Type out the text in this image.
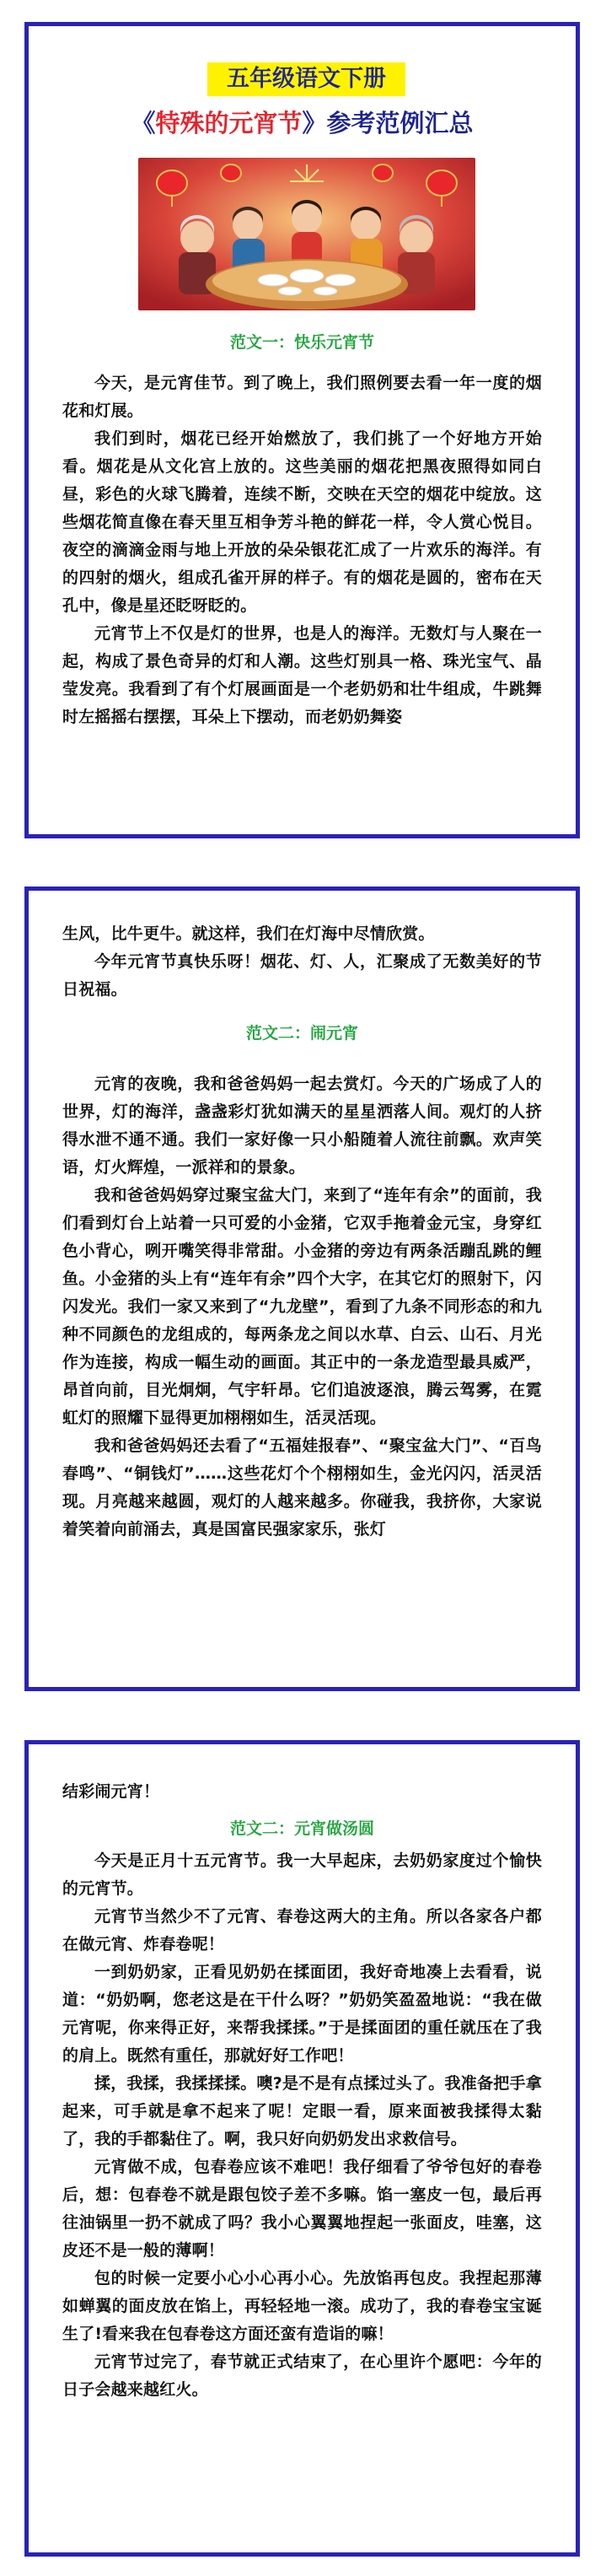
五年级语文下册
《特殊的元宵节》参考范例汇总
范文一：快乐元宵节

今天，是元宵佳节。到了晚上，我们照例要去看一年一度的烟花和灯展。

我们到时，烟花已经开始燃放了，我们挑了一个好地方开始看。烟花是从文化宫上放的。这些美丽的烟花把黑夜照得如同白昼，彩色的火球飞腾着，连续不断，交映在天空的烟花中绽放。这些烟花简直像在春天里互相争芳斗艳的鲜花一样，令人赏心悦目。夜空的滴滴金雨与地上开放的朵朵银花汇成了一片欢乐的海洋。有的四射的烟火，组成孔雀开屏的样子。有的烟花是圆的，密布在天孔中，像是星还眨呀眨的。

元宵节上不仅是灯的世界，也是人的海洋。无数灯与人聚在一起，构成了景色奇异的灯和人潮。这些灯别具一格、珠光宝气、晶莹发亮。我看到了有个灯展画面是一个老奶奶和壮牛组成，牛跳舞时左摇摇右摆摆，耳朵上下摆动，而老奶奶舞姿

生风，比牛更牛。就这样，我们在灯海中尽情欣赏。

今年元宵节真快乐呀！烟花、灯、人，汇聚成了无数美好的节日祝福。

范文二：闹元宵

元宵的夜晚，我和爸爸妈妈一起去赏灯。今天的广场成了人的世界，灯的海洋，盏盏彩灯犹如满天的星星洒落人间。观灯的人挤得水泄不通不通。我们一家好像一只小船随着人流往前飘。欢声笑语，灯火辉煌，一派祥和的景象。

我和爸爸妈妈穿过聚宝盆大门，来到了“连年有余”的面前，我们看到灯台上站着一只可爱的小金猪，它双手拖着金元宝，身穿红色小背心，咧开嘴笑得非常甜。小金猪的旁边有两条活蹦乱跳的鲤鱼。小金猪的头上有“连年有余”四个大字，在其它灯的照射下，闪闪发光。我们一家又来到了“九龙壁”，看到了九条不同形态的和九种不同颜色的龙组成的，每两条龙之间以水草、白云、山石、月光作为连接，构成一幅生动的画面。其正中的一条龙造型最具威严，昂首向前，目光炯炯，气宇轩昂。它们追波逐浪，腾云驾雾，在霓虹灯的照耀下显得更加栩栩如生，活灵活现。

我和爸爸妈妈还去看了“五福娃报春”、“聚宝盆大门”、“百鸟春鸣”、“铜钱灯”……这些花灯个个栩栩如生，金光闪闪，活灵活现。月亮越来越圆，观灯的人越来越多。你碰我，我挤你，大家说着笑着向前涌去，真是国富民强家家乐，张灯

结彩闹元宵！

范文二：元宵做汤圆

今天是正月十五元宵节。我一大早起床，去奶奶家度过个愉快的元宵节。

元宵节当然少不了元宵、春卷这两大的主角。所以各家各户都在做元宵、炸春卷呢！

一到奶奶家，正看见奶奶在揉面团，我好奇地凑上去看看，说道：“奶奶啊，您老这是在干什么呀？”奶奶笑盈盈地说：“我在做元宵呢，你来得正好，来帮我揉揉。”于是揉面团的重任就压在了我的肩上。既然有重任，那就好好工作吧！

揉，我揉，我揉揉揉。噢?是不是有点揉过头了。我准备把手拿起来，可手就是拿不起来了呢！定眼一看，原来面被我揉得太黏了，我的手都黏住了。啊，我只好向奶奶发出求救信号。

元宵做不成，包春卷应该不难吧！我仔细看了爷爷包好的春卷后，想：包春卷不就是跟包饺子差不多嘛。馅一塞皮一包，最后再往油锅里一扔不就成了吗？我小心翼翼地捏起一张面皮，哇塞，这皮还不是一般的薄啊！

包的时候一定要小心小心再小心。先放馅再包皮。我捏起那薄如蝉翼的面皮放在馅上，再轻轻地一滚。成功了，我的春卷宝宝诞生了!看来我在包春卷这方面还蛮有造诣的嘛！

元宵节过完了，春节就正式结束了，在心里许个愿吧：今年的日子会越来越红火。
